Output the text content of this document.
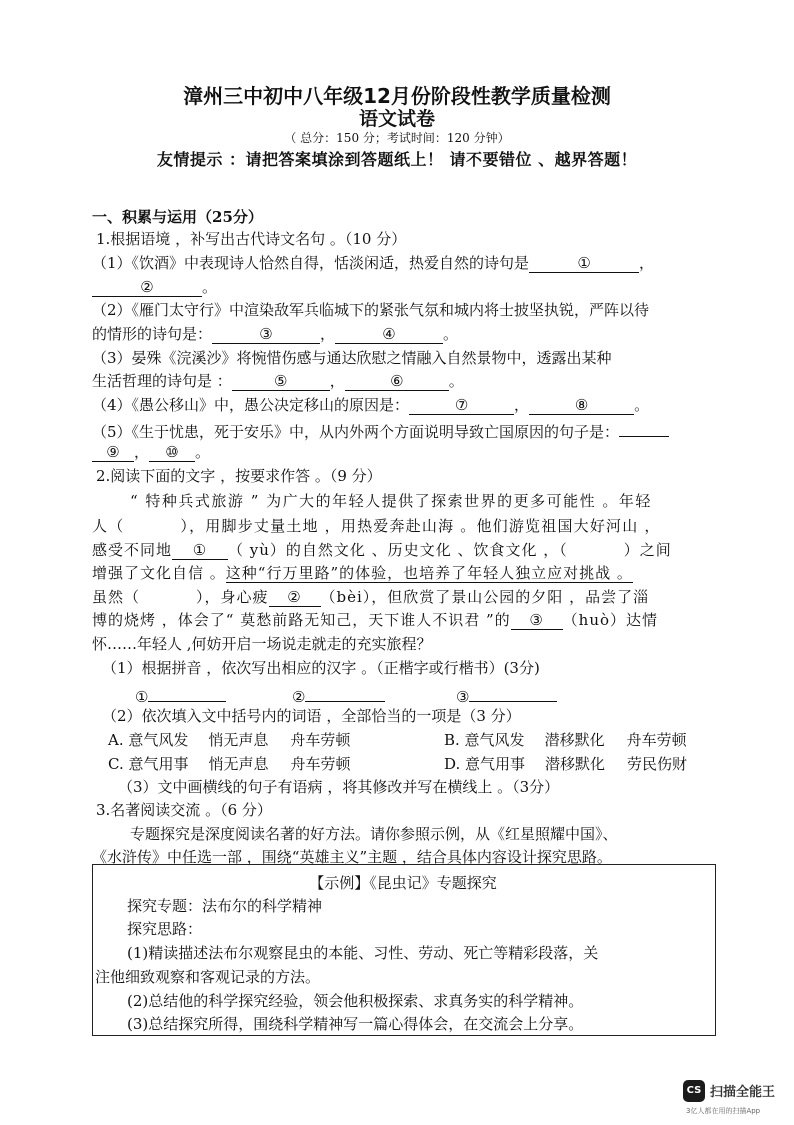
漳州三中初中八年级12月份阶段性教学质量检测
语文试卷
（ 总分：150 分；考试时间：120 分钟）
友情提示 ：请把答案填涂到答题纸上！ 请不要错位 、越界答题！
一、积累与运用（25分）
1.根据语境 ，补写出古代诗文名句 。（10 分）
（1）《饮酒》中表现诗人恰然自得，恬淡闲适，热爱自然的诗句是	①	，
②	。
（2）《雁门太守行》中渲染敌军兵临城下的紧张气氛和城内将士披坚执锐，严阵以待
的情形的诗句是：	③	，	④	。
（3）晏殊《浣溪沙》将惋惜伤感与通达欣慰之情融入自然景物中，透露出某种
生活哲理的诗句是 ：	⑤	，	⑥	。
（4）《愚公移山》中，愚公决定移山的原因是：	⑦	，	⑧	。
（5）《生于忧患，死于安乐》中，从内外两个方面说明导致亡国原因的句子是：
⑨ ， ⑩ 。
2.阅读下面的文字 ，按要求作答 。（9 分）
“ 特种兵式旅游 ” 为广大的年轻人提供了探索世界的更多可能性 。年轻
人（	），用脚步丈量土地 ，用热爱奔赴山海 。他们游览祖国大好河山 ，
感受不同地 ① （ yù）的自然文化 、历史文化 、饮食文化 ，（	）之间
增强了文化自信 。这种“行万里路”的体验，也培养了年轻人独立应对挑战 。
虽然（	），身心疲 ② （bèi），但欣赏了景山公园的夕阳 ，品尝了淄
博的烧烤 ，体会了“ 莫愁前路无知己，天下谁人不识君 ”的 ③ （huò）达情
怀……年轻人 ,何妨开启一场说走就走的充实旅程？
（1）根据拼音 ，依次写出相应的汉字 。（正楷字或行楷书）(3分)
①	②	③
（2）依次填入文中括号内的词语 ，全部恰当的一项是（3 分）
A. 意气风发 悄无声息 舟车劳顿	B. 意气风发 潜移默化 舟车劳顿
C. 意气用事 悄无声息 舟车劳顿	D. 意气用事 潜移默化 劳民伤财
（3）文中画横线的句子有语病 ，将其修改并写在横线上 。（3分）
3.名著阅读交流 。（6 分）
专题探究是深度阅读名著的好方法。请你参照示例，从《红星照耀中国》、
《水浒传》中任选一部 ，围绕“英雄主义”主题 ，结合具体内容设计探究思路。
【示例】《昆虫记》专题探究
探究专题：法布尔的科学精神
探究思路：
(1)精读描述法布尔观察昆虫的本能、习性、劳动、死亡等精彩段落，关
注他细致观察和客观记录的方法。
(2)总结他的科学探究经验，领会他积极探索、求真务实的科学精神。
(3)总结探究所得，围绕科学精神写一篇心得体会，在交流会上分享。
CS 扫描全能王
3亿人都在用的扫描App
